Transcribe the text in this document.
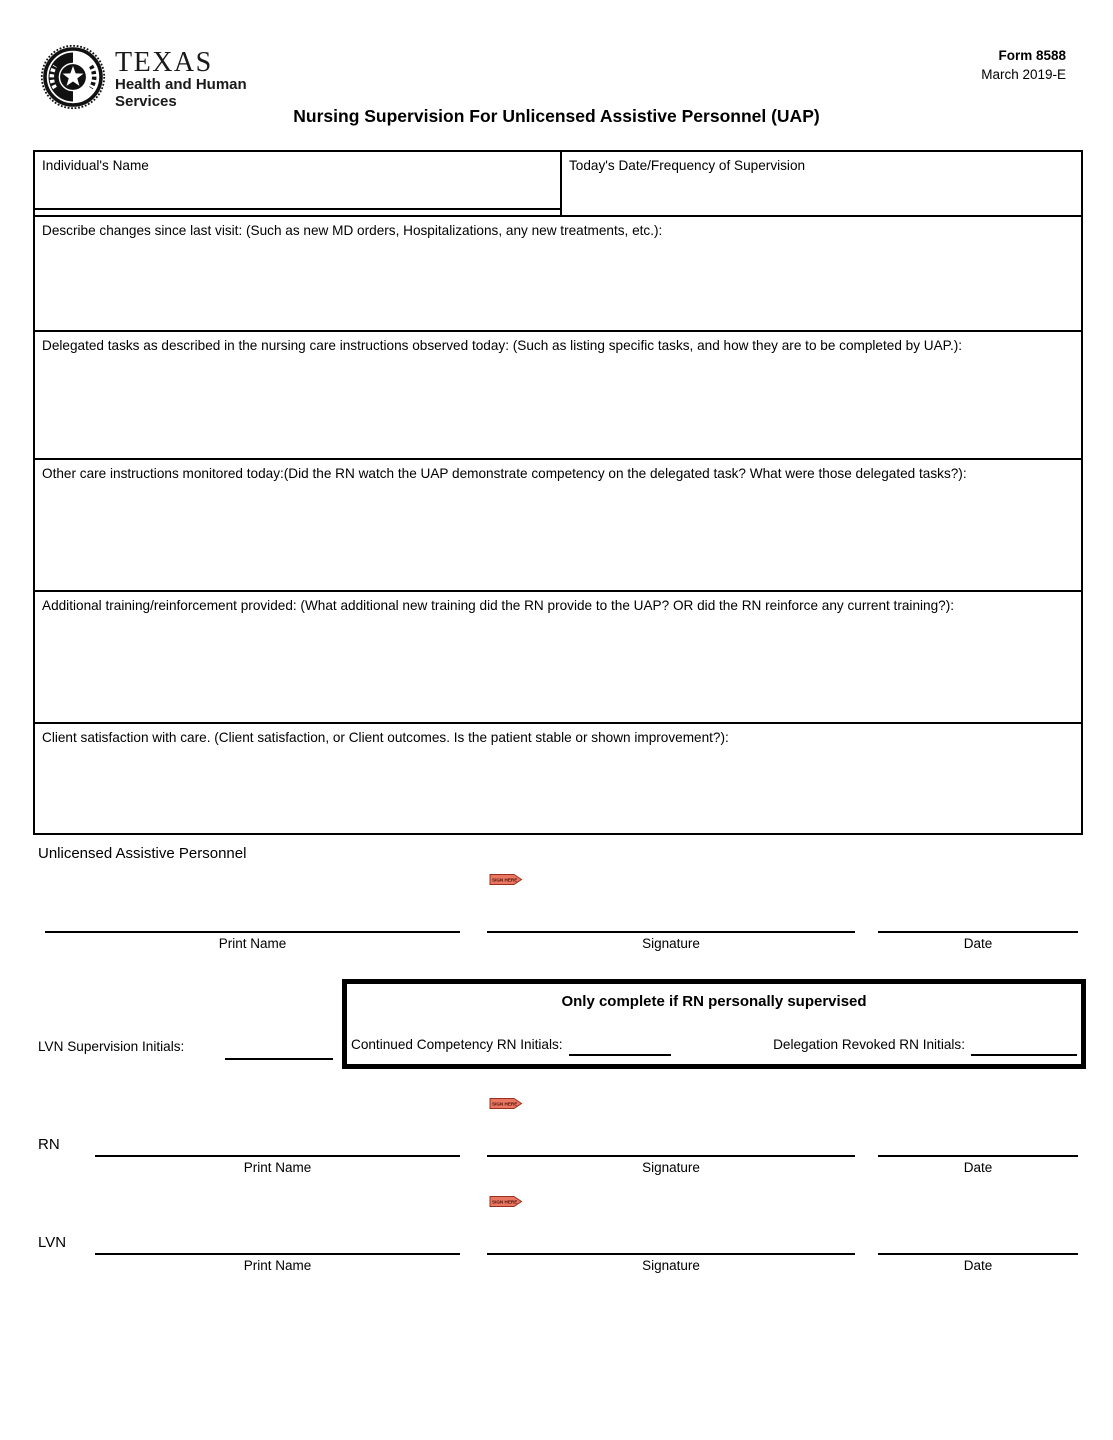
TEXAS
Health and Human
Services
Form 8588
March 2019-E
Nursing Supervision For Unlicensed Assistive Personnel (UAP)
Individual's Name	Today's Date/Frequency of Supervision
Describe changes since last visit: (Such as new MD orders, Hospitalizations, any new treatments, etc.):
Delegated tasks as described in the nursing care instructions observed today: (Such as listing specific tasks, and how they are to be completed by UAP.):
Other care instructions monitored today:(Did the RN watch the UAP demonstrate competency on the delegated task? What were those delegated tasks?):
Additional training/reinforcement provided: (What additional new training did the RN provide to the UAP? OR did the RN reinforce any current training?):
Client satisfaction with care. (Client satisfaction, or Client outcomes. Is the patient stable or shown improvement?):
Unlicensed Assistive Personnel
SIGN HERE
Print Name	Signature	Date
LVN Supervision Initials:
Only complete if RN personally supervised
Continued Competency RN Initials:	Delegation Revoked RN Initials:
SIGN HERE
RN
Print Name	Signature	Date
SIGN HERE
LVN
Print Name	Signature	Date
